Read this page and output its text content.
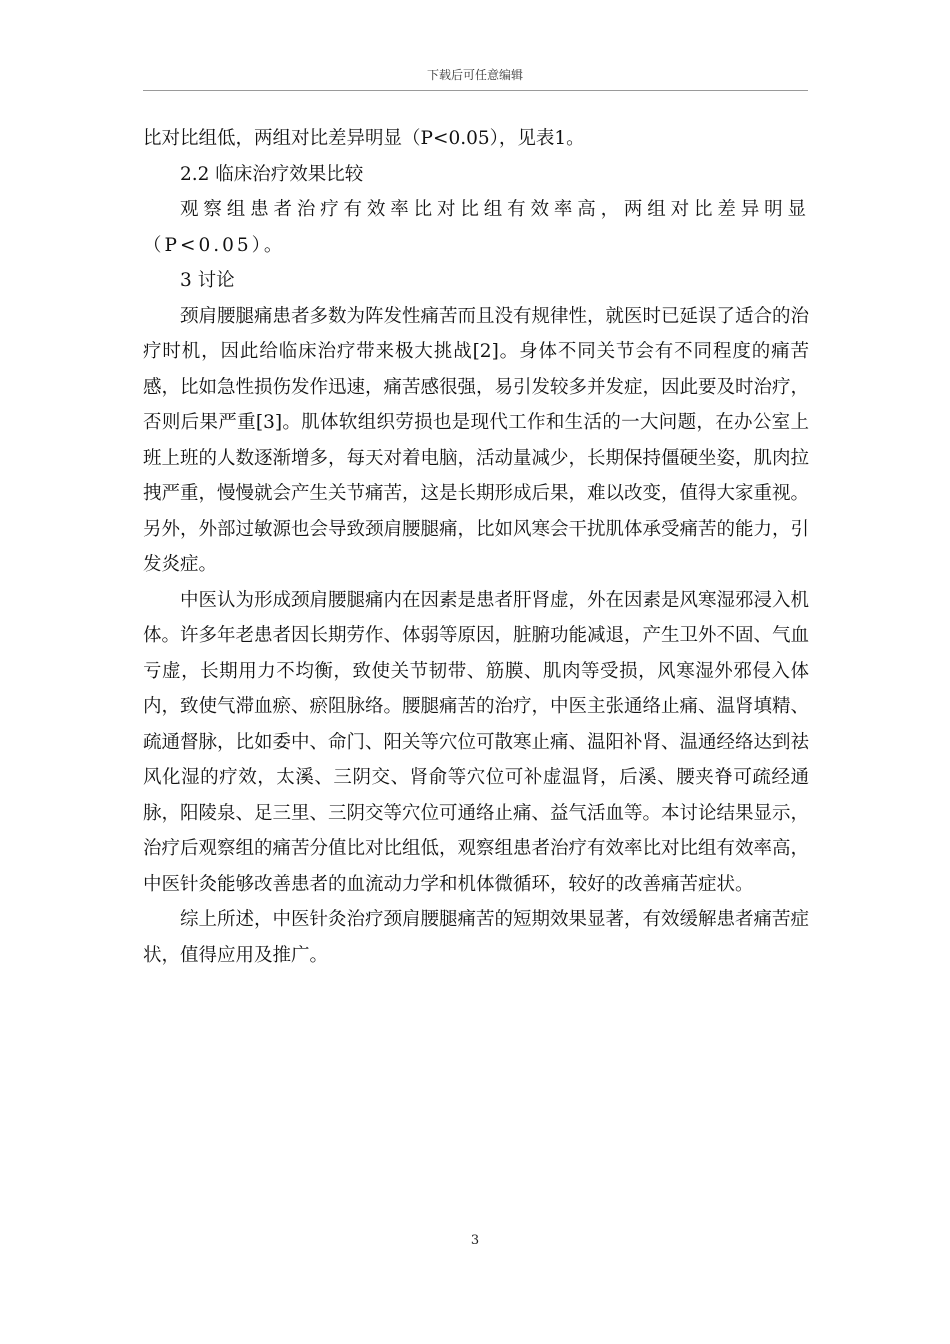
下载后可任意编辑

比对比组低，两组对比差异明显（P<0.05），见表1。

2.2 临床治疗效果比较

观察组患者治疗有效率比对比组有效率高，两组对比差异明显（P<0.05）。

3 讨论

颈肩腰腿痛患者多数为阵发性痛苦而且没有规律性，就医时已延误了适合的治疗时机，因此给临床治疗带来极大挑战[2]。身体不同关节会有不同程度的痛苦感，比如急性损伤发作迅速，痛苦感很强，易引发较多并发症，因此要及时治疗，否则后果严重[3]。肌体软组织劳损也是现代工作和生活的一大问题，在办公室上班上班的人数逐渐增多，每天对着电脑，活动量减少，长期保持僵硬坐姿，肌肉拉拽严重，慢慢就会产生关节痛苦，这是长期形成后果，难以改变，值得大家重视。另外，外部过敏源也会导致颈肩腰腿痛，比如风寒会干扰肌体承受痛苦的能力，引发炎症。

中医认为形成颈肩腰腿痛内在因素是患者肝肾虚，外在因素是风寒湿邪浸入机体。许多年老患者因长期劳作、体弱等原因，脏腑功能减退，产生卫外不固、气血亏虚，长期用力不均衡，致使关节韧带、筋膜、肌肉等受损，风寒湿外邪侵入体内，致使气滞血瘀、瘀阻脉络。腰腿痛苦的治疗，中医主张通络止痛、温肾填精、疏通督脉，比如委中、命门、阳关等穴位可散寒止痛、温阳补肾、温通经络达到祛风化湿的疗效，太溪、三阴交、肾俞等穴位可补虚温肾，后溪、腰夹脊可疏经通脉，阳陵泉、足三里、三阴交等穴位可通络止痛、益气活血等。本讨论结果显示，治疗后观察组的痛苦分值比对比组低，观察组患者治疗有效率比对比组有效率高，中医针灸能够改善患者的血流动力学和机体微循环，较好的改善痛苦症状。

综上所述，中医针灸治疗颈肩腰腿痛苦的短期效果显著，有效缓解患者痛苦症状，值得应用及推广。

3
